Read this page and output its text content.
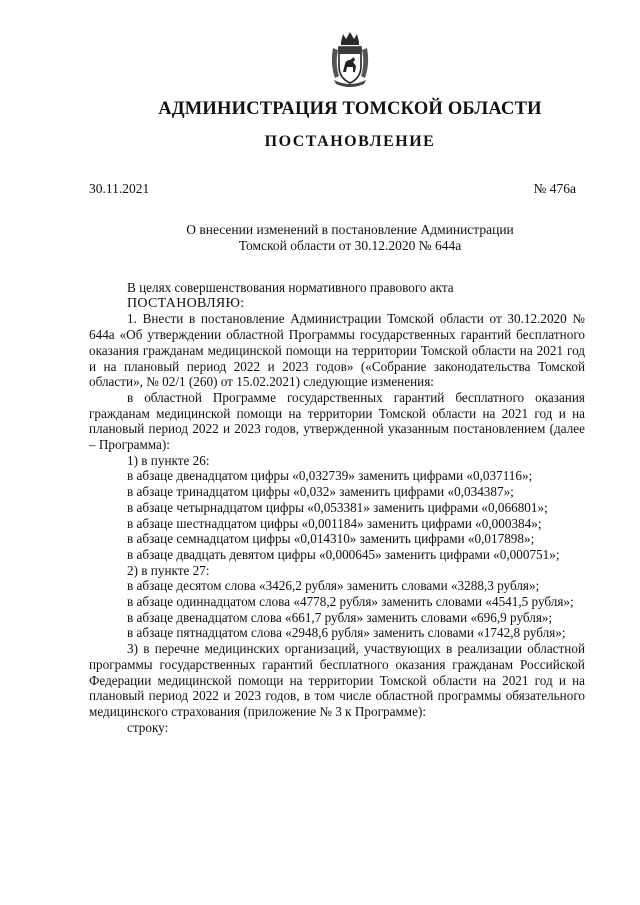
АДМИНИСТРАЦИЯ ТОМСКОЙ ОБЛАСТИ
ПОСТАНОВЛЕНИЕ
30.11.2021	№ 476а
О внесении изменений в постановление Администрации
Томской области от 30.12.2020 № 644а

В целях совершенствования нормативного правового акта

ПОСТАНОВЛЯЮ:

1. Внести в постановление Администрации Томской области от 30.12.2020 № 644а «Об утверждении областной Программы государственных гарантий бесплатного оказания гражданам медицинской помощи на территории Томской области на 2021 год и на плановый период 2022 и 2023 годов» («Собрание законодательства Томской области», № 02/1 (260) от 15.02.2021) следующие изменения:

в областной Программе государственных гарантий бесплатного оказания гражданам медицинской помощи на территории Томской области на 2021 год и на плановый период 2022 и 2023 годов, утвержденной указанным постановлением (далее – Программа):

1) в пункте 26:

в абзаце двенадцатом цифры «0,032739» заменить цифрами «0,037116»;

в абзаце тринадцатом цифры «0,032» заменить цифрами «0,034387»;

в абзаце четырнадцатом цифры «0,053381» заменить цифрами «0,066801»;

в абзаце шестнадцатом цифры «0,001184» заменить цифрами «0,000384»;

в абзаце семнадцатом цифры «0,014310» заменить цифрами «0,017898»;

в абзаце двадцать девятом цифры «0,000645» заменить цифрами «0,000751»;

2) в пункте 27:

в абзаце десятом слова «3426,2 рубля» заменить словами «3288,3 рубля»;

в абзаце одиннадцатом слова «4778,2 рубля» заменить словами «4541,5 рубля»;

в абзаце двенадцатом слова «661,7 рубля» заменить словами «696,9 рубля»;

в абзаце пятнадцатом слова «2948,6 рубля» заменить словами «1742,8 рубля»;

3) в перечне медицинских организаций, участвующих в реализации областной программы государственных гарантий бесплатного оказания гражданам Российской Федерации медицинской помощи на территории Томской области на 2021 год и на плановый период 2022 и 2023 годов, в том числе областной программы обязательного медицинского страхования (приложение № 3 к Программе):

строку:
